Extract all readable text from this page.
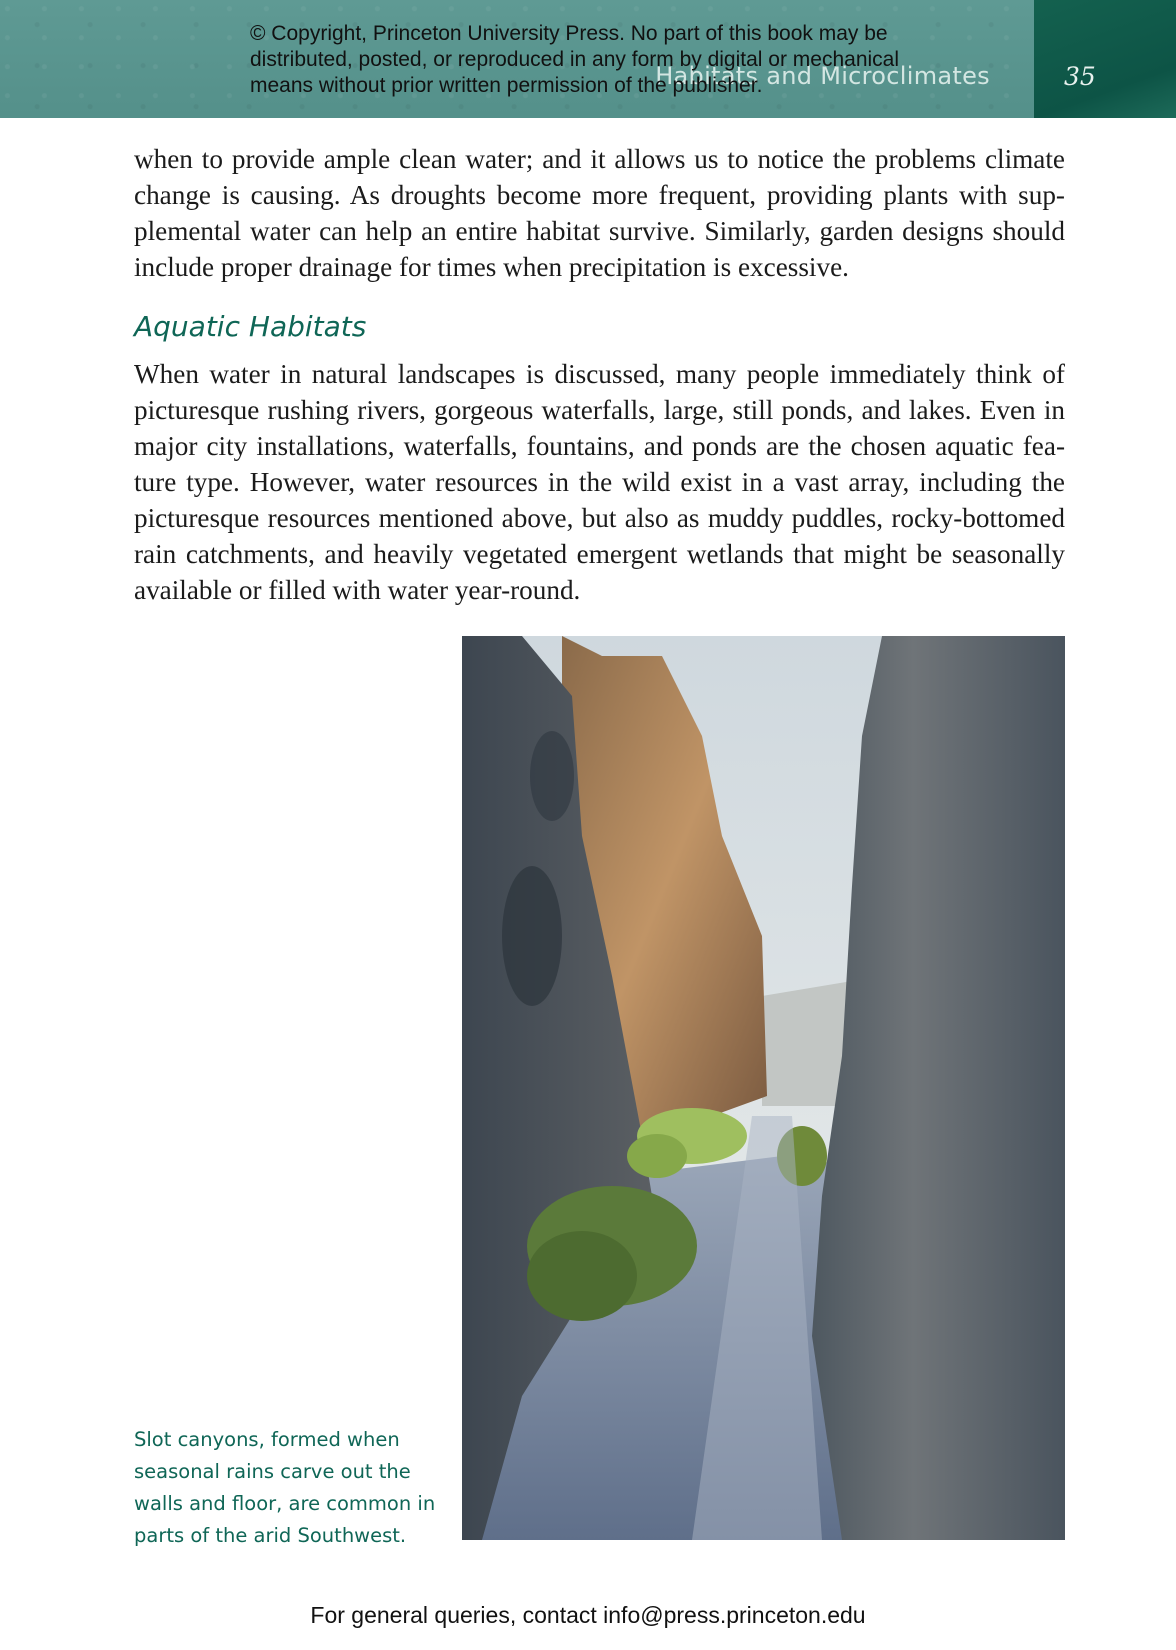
Habitats and Microclimates	35
© Copyright, Princeton University Press. No part of this book may be
distributed, posted, or reproduced in any form by digital or mechanical
means without prior written permission of the publisher.
when to provide ample clean water; and it allows us to notice the problems climate
change is causing. As droughts become more frequent, providing plants with sup-
plemental water can help an entire habitat survive. Similarly, garden designs should
include proper drainage for times when precipitation is excessive.
Aquatic Habitats
When water in natural landscapes is discussed, many people immediately think of
picturesque rushing rivers, gorgeous waterfalls, large, still ponds, and lakes. Even in
major city installations, waterfalls, fountains, and ponds are the chosen aquatic fea-
ture type. However, water resources in the wild exist in a vast array, including the
picturesque resources mentioned above, but also as muddy puddles, rocky-bottomed
rain catchments, and heavily vegetated emergent wetlands that might be seasonally
available or filled with water year-round.
Slot canyons, formed when
seasonal rains carve out the
walls and floor, are common in
parts of the arid Southwest.
For general queries, contact info@press.princeton.edu
